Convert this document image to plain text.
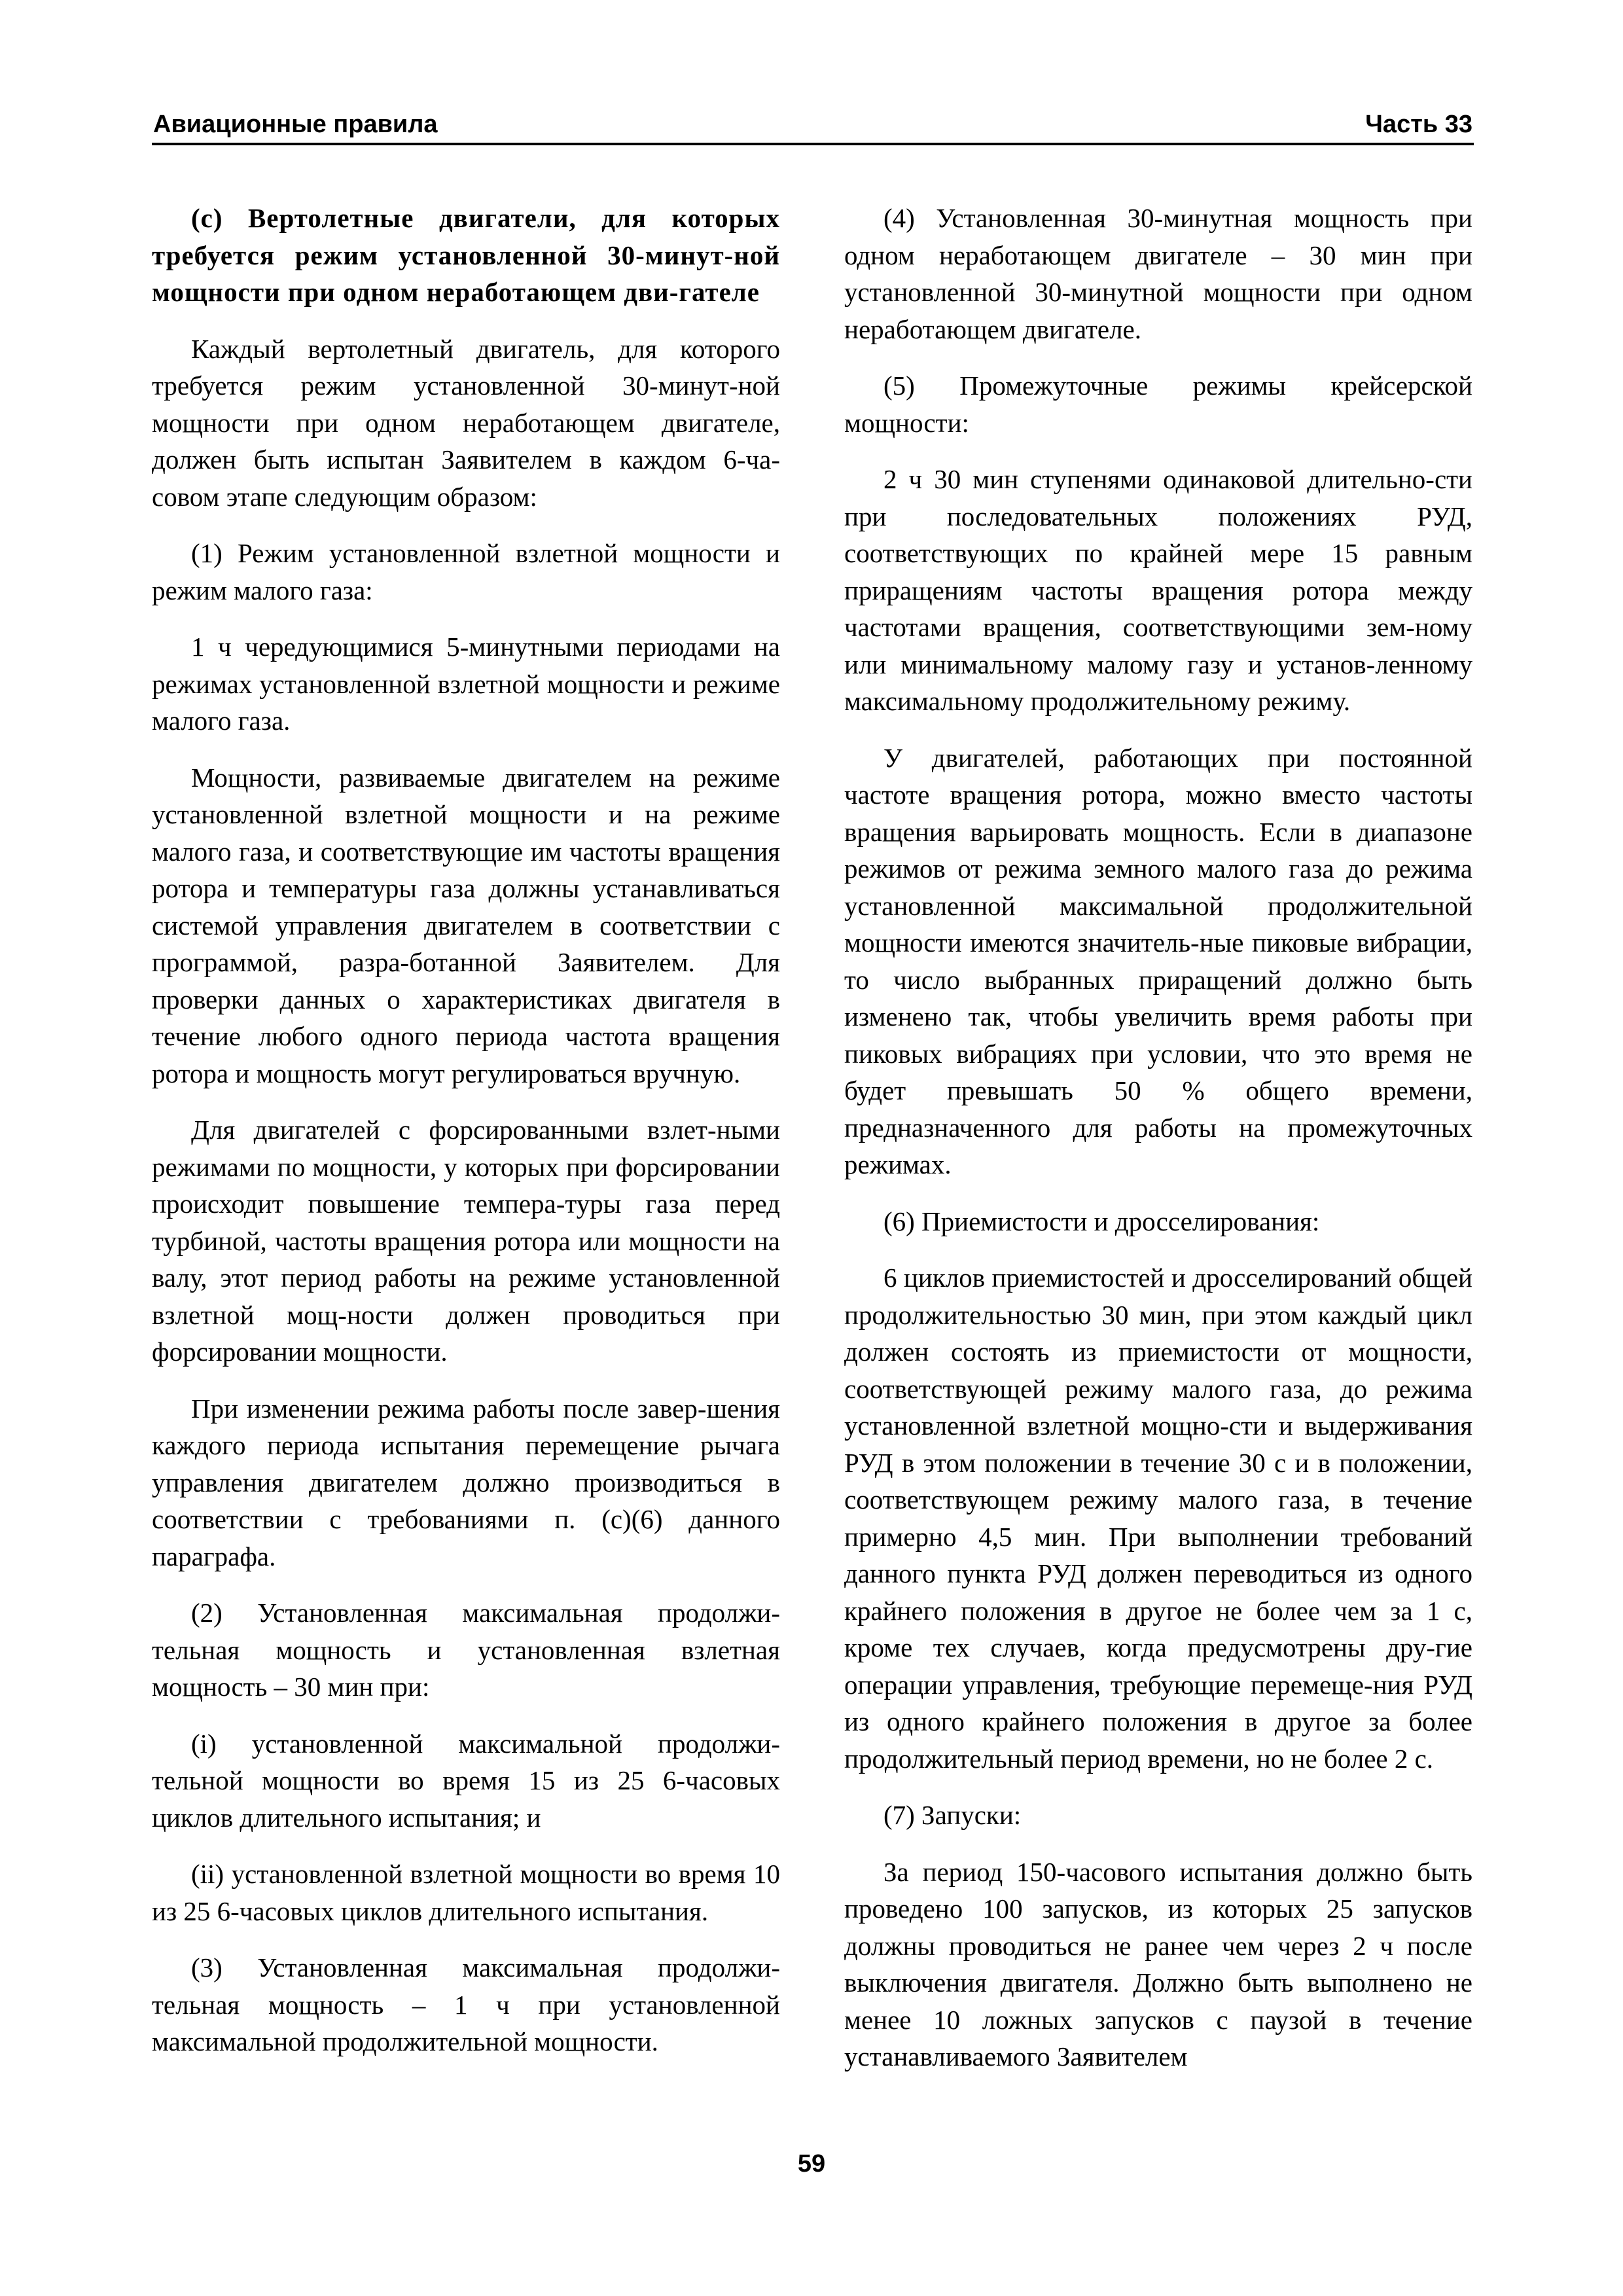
Авиационные правила	Часть 33

(c) Вертолетные двигатели, для которых требуется режим установленной 30-минут-ной мощности при одном неработающем дви-гателе

Каждый вертолетный двигатель, для которого требуется режим установленной 30-минут-ной мощности при одном неработающем двигателе, должен быть испытан Заявителем в каждом 6-ча-совом этапе следующим образом:

(1) Режим установленной взлетной мощности и режим малого газа:

1 ч чередующимися 5-минутными периодами на режимах установленной взлетной мощности и режиме малого газа.

Мощности, развиваемые двигателем на режиме установленной взлетной мощности и на режиме малого газа, и соответствующие им частоты вращения ротора и температуры газа должны устанавливаться системой управления двигателем в соответствии с программой, разра-ботанной Заявителем. Для проверки данных о характеристиках двигателя в течение любого одного периода частота вращения ротора и мощность могут регулироваться вручную.

Для двигателей с форсированными взлет-ными режимами по мощности, у которых при форсировании происходит повышение темпера-туры газа перед турбиной, частоты вращения ротора или мощности на валу, этот период работы на режиме установленной взлетной мощ-ности должен проводиться при форсировании мощности.

При изменении режима работы после завер-шения каждого периода испытания перемещение рычага управления двигателем должно производиться в соответствии с требованиями п. (c)(6) данного параграфа.

(2) Установленная максимальная продолжи-тельная мощность и установленная взлетная мощность – 30 мин при:

(i) установленной максимальной продолжи-тельной мощности во время 15 из 25 6-часовых циклов длительного испытания; и

(ii) установленной взлетной мощности во время 10 из 25 6-часовых циклов длительного испытания.

(3) Установленная максимальная продолжи-тельная мощность – 1 ч при установленной максимальной продолжительной мощности.

(4) Установленная 30-минутная мощность при одном неработающем двигателе – 30 мин при установленной 30-минутной мощности при одном неработающем двигателе.

(5) Промежуточные режимы крейсерской мощности:

2 ч 30 мин ступенями одинаковой длительно-сти при последовательных положениях РУД, соответствующих по крайней мере 15 равным приращениям частоты вращения ротора между частотами вращения, соответствующими зем-ному или минимальному малому газу и установ-ленному максимальному продолжительному режиму.

У двигателей, работающих при постоянной частоте вращения ротора, можно вместо частоты вращения варьировать мощность. Если в диапазоне режимов от режима земного малого газа до режима установленной максимальной продолжительной мощности имеются значитель-ные пиковые вибрации, то число выбранных приращений должно быть изменено так, чтобы увеличить время работы при пиковых вибрациях при условии, что это время не будет превышать 50 % общего времени, предназначенного для работы на промежуточных режимах.

(6) Приемистости и дросселирования:

6 циклов приемистостей и дросселирований общей продолжительностью 30 мин, при этом каждый цикл должен состоять из приемистости от мощности, соответствующей режиму малого газа, до режима установленной взлетной мощно-сти и выдерживания РУД в этом положении в течение 30 с и в положении, соответствующем режиму малого газа, в течение примерно 4,5 мин. При выполнении требований данного пункта РУД должен переводиться из одного крайнего положения в другое не более чем за 1 с, кроме тех случаев, когда предусмотрены дру-гие операции управления, требующие перемеще-ния РУД из одного крайнего положения в другое за более продолжительный период времени, но не более 2 с.

(7) Запуски:

За период 150-часового испытания должно быть проведено 100 запусков, из которых 25 запусков должны проводиться не ранее чем через 2 ч после выключения двигателя. Должно быть выполнено не менее 10 ложных запусков с паузой в течение устанавливаемого Заявителем

59
